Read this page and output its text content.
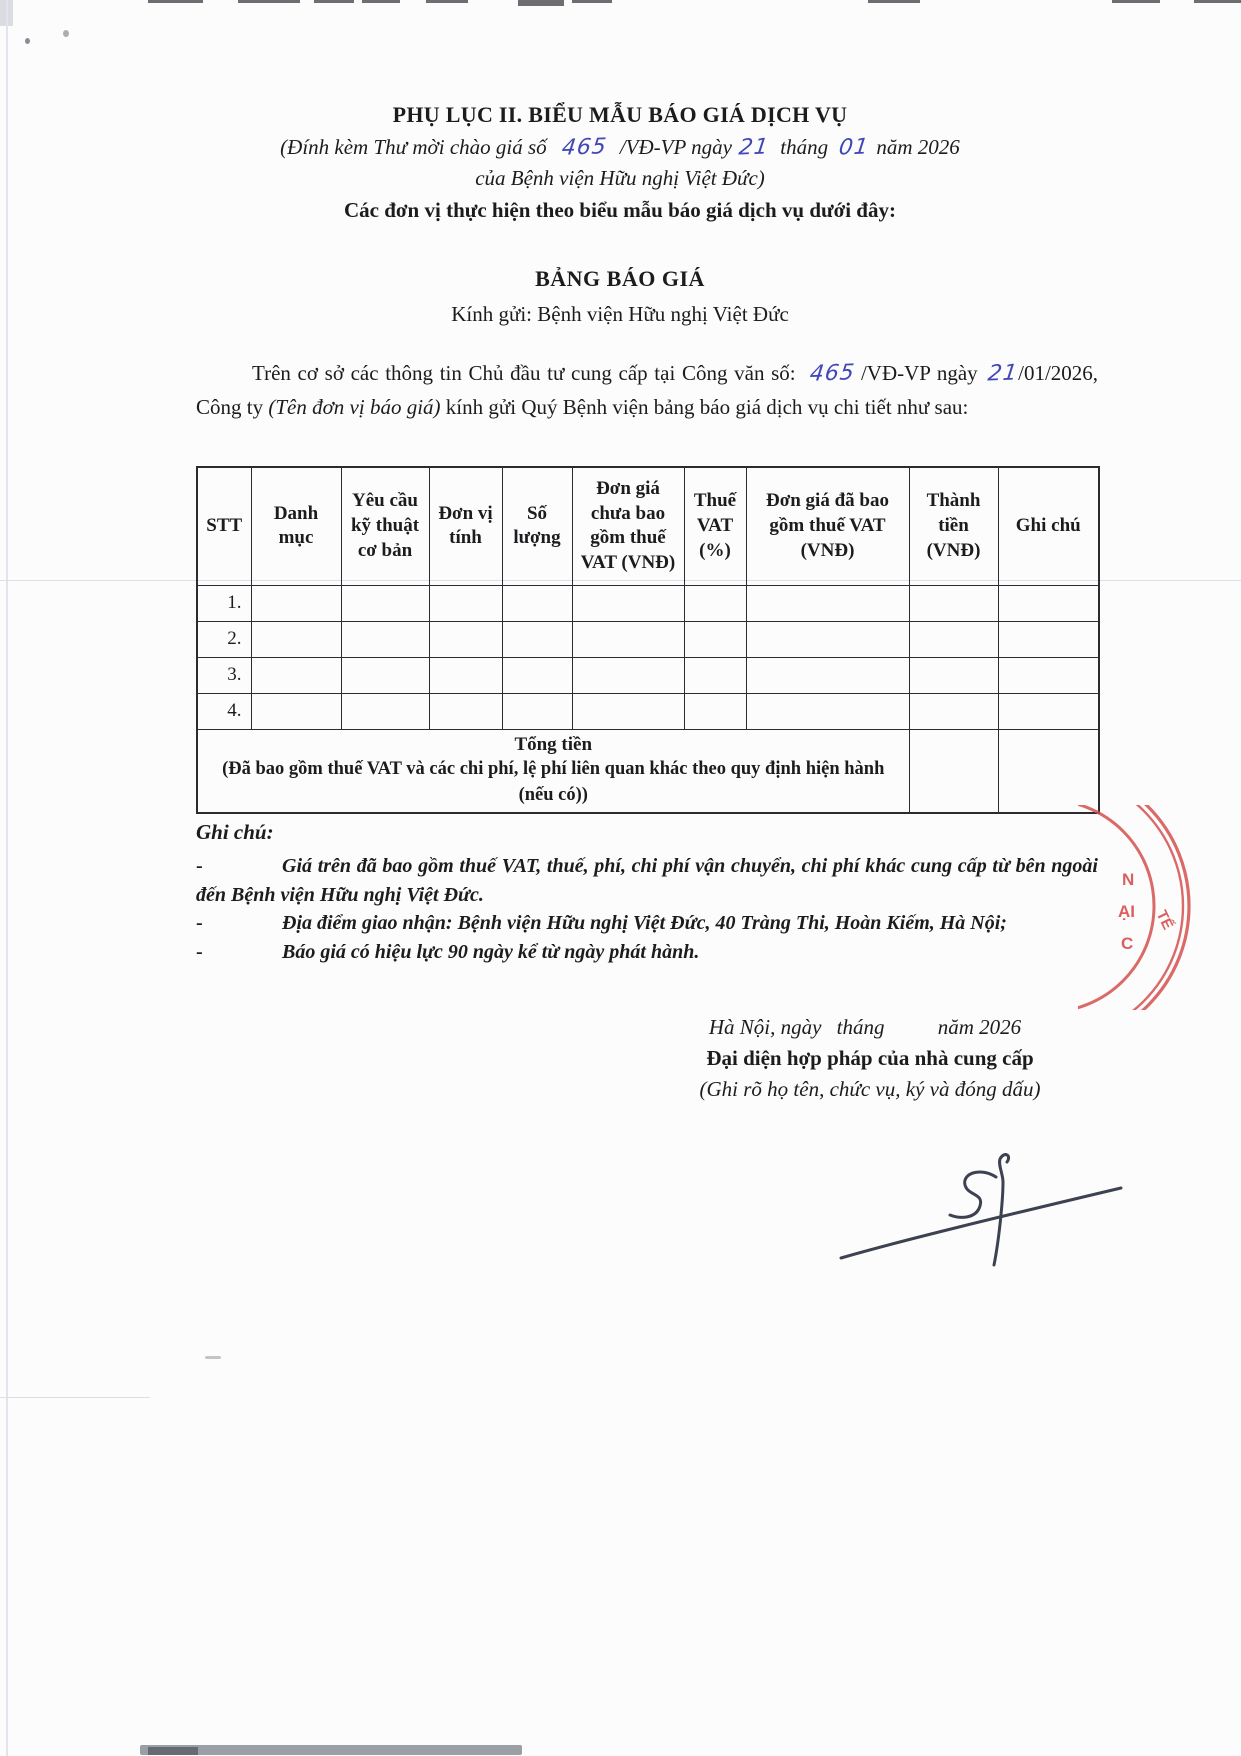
PHỤ LỤC II. BIỂU MẪU BÁO GIÁ DỊCH VỤ
(Đính kèm Thư mời chào giá số 465 /VĐ-VP ngày 21 tháng 01 năm 2026
của Bệnh viện Hữu nghị Việt Đức)
Các đơn vị thực hiện theo biểu mẫu báo giá dịch vụ dưới đây:
BẢNG BÁO GIÁ
Kính gửi: Bệnh viện Hữu nghị Việt Đức

Trên cơ sở các thông tin Chủ đầu tư cung cấp tại Công văn số: 465 /VĐ-VP ngày 21/01/2026, Công ty (Tên đơn vị báo giá) kính gửi Quý Bệnh viện bảng báo giá dịch vụ chi tiết như sau:

STT	Danh mục	Yêu cầu kỹ thuật cơ bản	Đơn vị tính	Số lượng	Đơn giá chưa bao gồm thuế VAT (VNĐ)	Thuế VAT (%)	Đơn giá đã bao gồm thuế VAT (VNĐ)	Thành tiền (VNĐ)	Ghi chú
1.									
2.									
3.									
4.									

Tổng tiền
(Đã bao gồm thuế VAT và các chi phí, lệ phí liên quan khác theo quy định hiện hành (nếu có))									

Ghi chú:
-	Giá trên đã bao gồm thuế VAT, thuế, phí, chi phí vận chuyển, chi phí khác cung cấp từ bên ngoài đến Bệnh viện Hữu nghị Việt Đức.
-	Địa điểm giao nhận: Bệnh viện Hữu nghị Việt Đức, 40 Tràng Thi, Hoàn Kiếm, Hà Nội;
-	Báo giá có hiệu lực 90 ngày kể từ ngày phát hành.
Hà Nội, ngày tháng	năm 2026
Đại diện hợp pháp của nhà cung cấp
(Ghi rõ họ tên, chức vụ, ký và đóng dấu)
N
ẠI
C
TẾ
